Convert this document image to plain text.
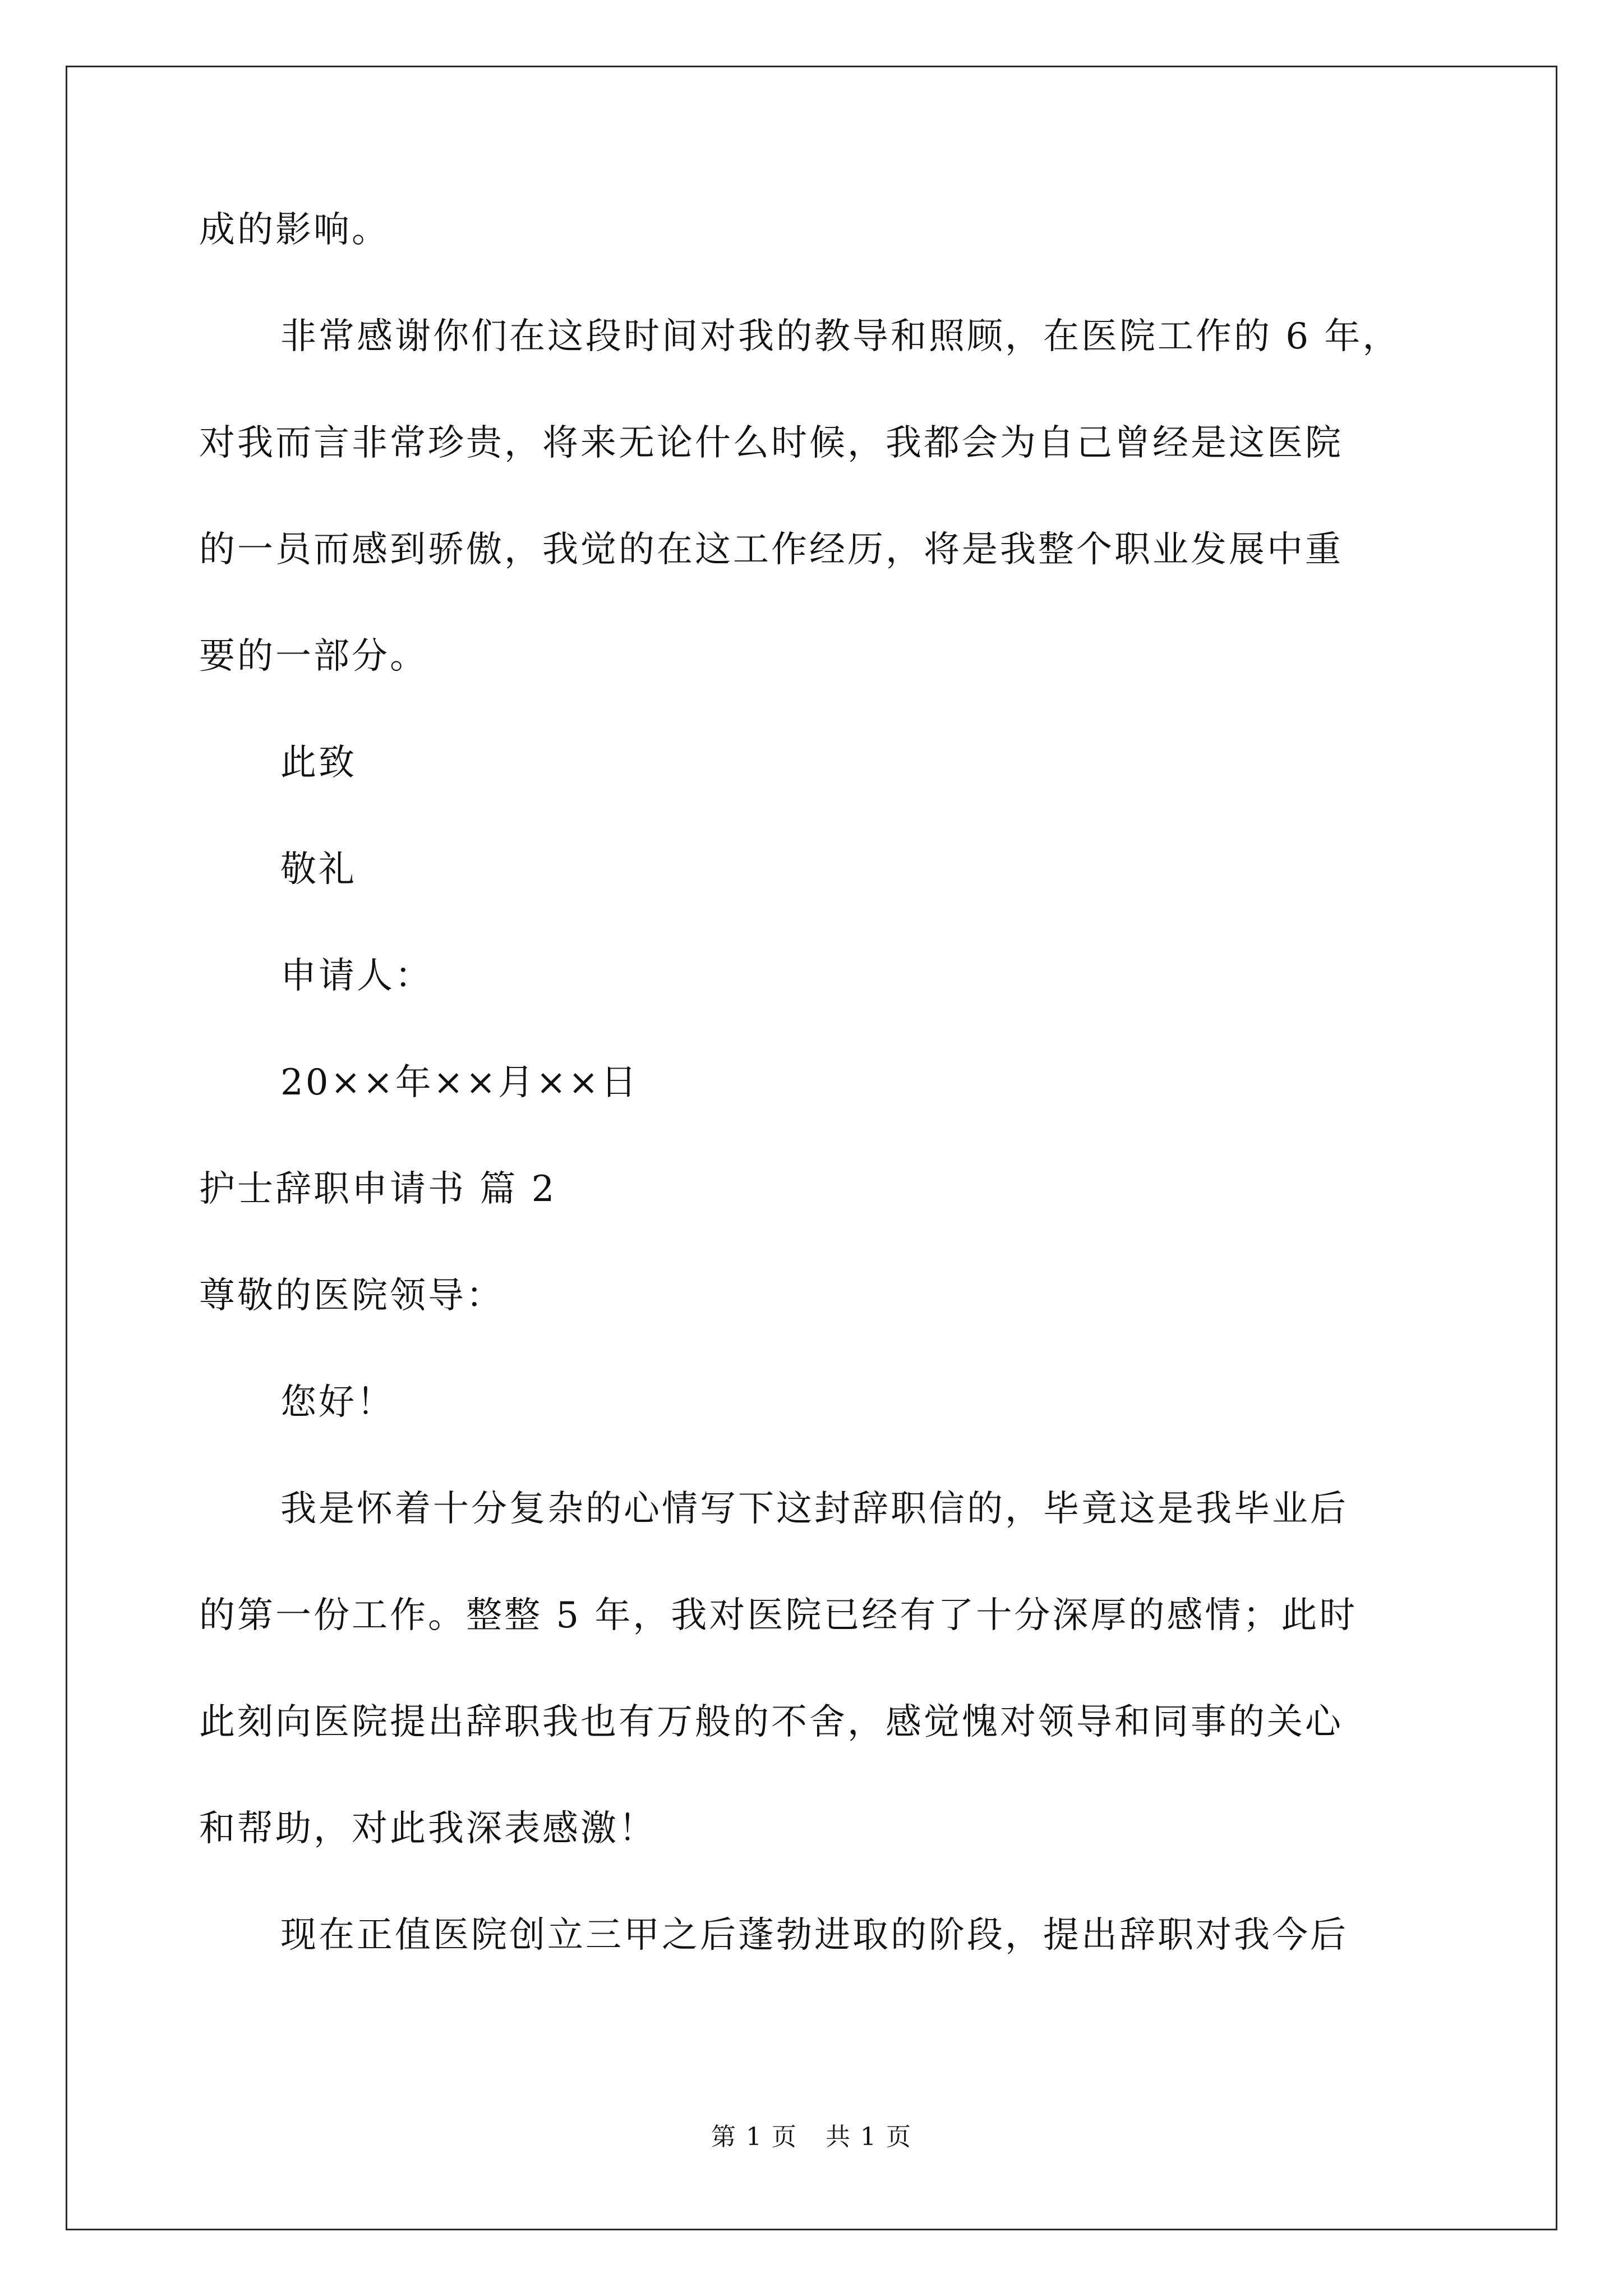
成的影响。
非常感谢你们在这段时间对我的教导和照顾，在医院工作的 6 年，
对我而言非常珍贵，将来无论什么时候，我都会为自己曾经是这医院
的一员而感到骄傲，我觉的在这工作经历，将是我整个职业发展中重
要的一部分。
此致
敬礼
申请人：
20××年××月××日
护士辞职申请书 篇 2
尊敬的医院领导：
您好！
我是怀着十分复杂的心情写下这封辞职信的，毕竟这是我毕业后
的第一份工作。整整 5 年，我对医院已经有了十分深厚的感情；此时
此刻向医院提出辞职我也有万般的不舍，感觉愧对领导和同事的关心
和帮助，对此我深表感激！
现在正值医院创立三甲之后蓬勃进取的阶段，提出辞职对我今后
第 1 页 共 1 页
